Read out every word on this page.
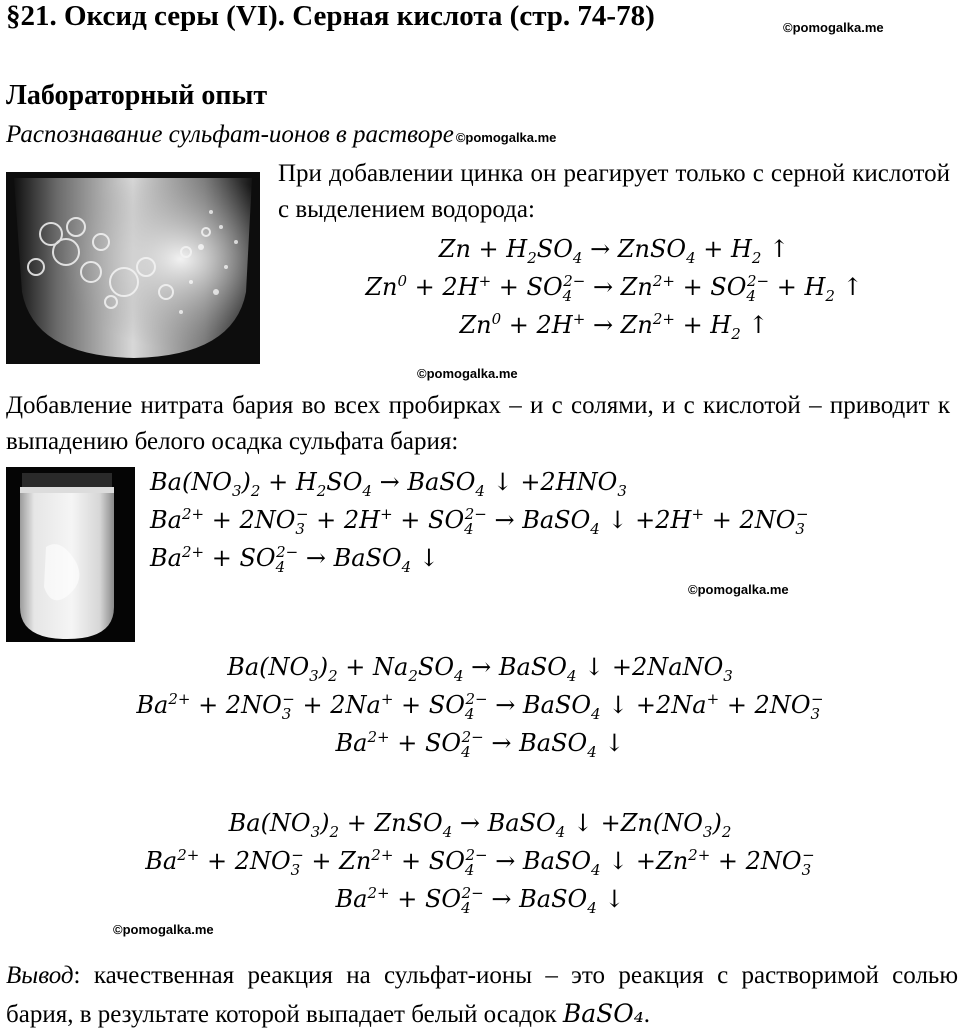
§21. Оксид серы (VI). Серная кислота (стр. 74-78)	©pomogalka.me
Лабораторный опыт
Распознавание сульфат-ионов в растворе ©pomogalka.me
При добавлении цинка он реагирует только с серной кислотой с выделением водорода:
$Zn + H_2SO_4$ → ZnSO$_4$ + $H_2$ ↑
$Zn^0 + 2H^+ + SO_4^{2-} \to Zn^{2+} + SO_4^{2-} + H_2$ ↑
$Zn^0 + 2H^+ \to Zn^{2+} + H_2$ ↑
©pomogalka.me
Добавление нитрата бария во всех пробирках – и с солями, и с кислотой – приводит к выпадению белого осадка сульфата бария:
$Ba(NO_3)_2 + H_2SO_4$ → BaSO$_4$ ↓ $+2HNO_3$
$Ba^{2+} + 2NO_3^- + 2H^+ + SO_4^{2-}$ → BaSO$_4$ ↓ $+2H^+ + 2NO_3^-$
$Ba^{2+} + SO_4^{2-}$ → BaSO$_4$ ↓
©pomogalka.me
$Ba(NO_3)_2 + Na_2SO_4$ → BaSO$_4$ ↓ +2NaNO$_3$
$Ba^{2+} + 2NO_3^- + 2Na^+ + SO_4^{2-}$ → BaSO$_4$ ↓ $+2Na^+ + 2NO_3^-$
$Ba^{2+} + SO_4^{2-}$ → BaSO$_4$ ↓
$Ba(NO_3)_2$ + ZnSO$_4$ → BaSO$_4$ ↓ $+Zn(NO_3)_2$
$Ba^{2+} + 2NO_3^- + Zn^{2+} + SO_4^{2-}$ → BaSO$_4$ ↓ $+Zn^{2+} + 2NO_3^-$
$Ba^{2+} + SO_4^{2-}$ → BaSO$_4$ ↓
©pomogalka.me
Вывод: качественная реакция на сульфат-ионы – это реакция с растворимой солью бария, в результате которой выпадает белый осадок BaSO₄.
